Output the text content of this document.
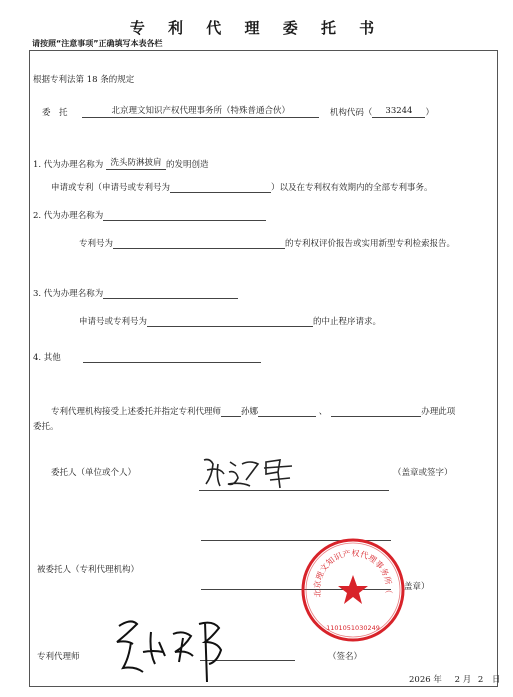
专 利 代 理 委 托 书
请按照“注意事项”正确填写本表各栏
根据专利法第 18 条的规定
委　托	北京理文知识产权代理事务所（特殊普通合伙）	机构代码（ 33244 ）
1. 代为办理名称为 洗头防淋披肩 的发明创造
申请或专利（申请号或专利号为	）以及在专利权有效期内的全部专利事务。
2. 代为办理名称为
专利号为	的专利权评价报告或实用新型专利检索报告。
3. 代为办理名称为
申请号或专利号为	的中止程序请求。
4. 其他
专利代理机构接受上述委托并指定专利代理师 孙娜	、	办理此项
委托。
委托人（单位或个人）	（盖章或签字）
被委托人（专利代理机构）
盖章）
北京理文知识产权代理事务所（特殊普通合伙）
1101051030249
专利代理师	（签名）
2026 年 2 月 2 日
